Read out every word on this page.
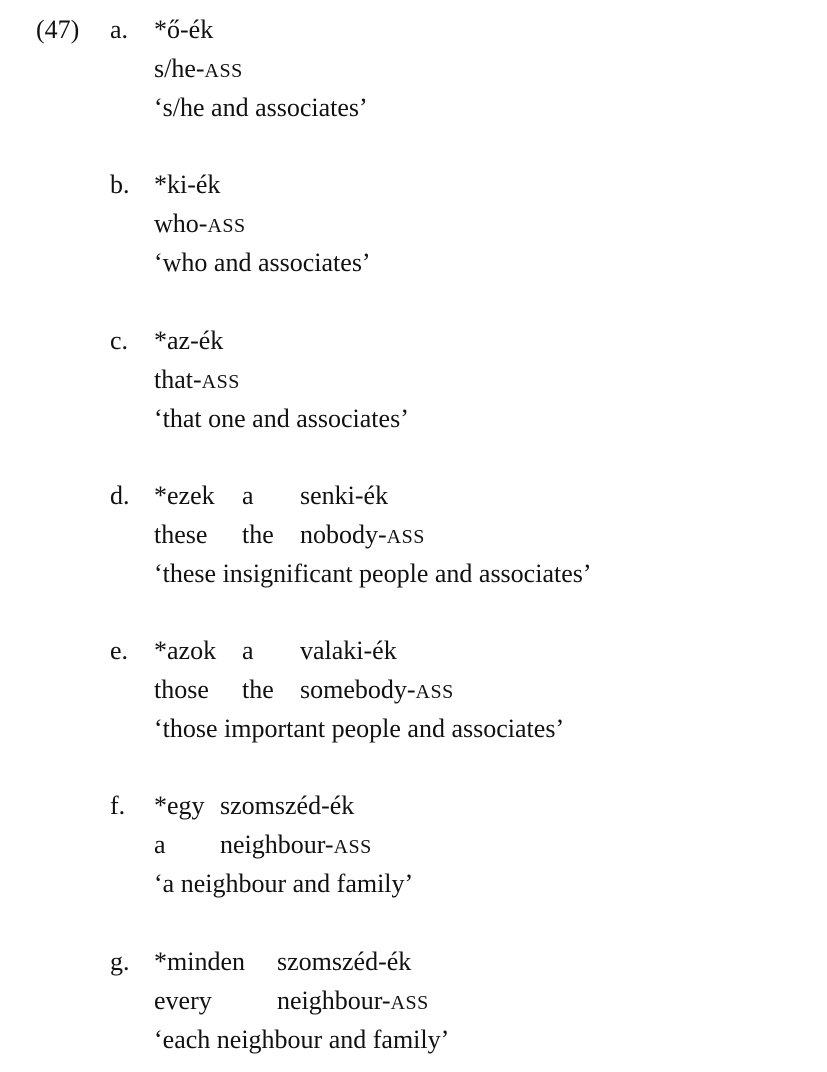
(47) a. *ő-ék
s/he-ASS
‘s/he and associates’
b. *ki-ék
who-ASS
‘who and associates’
c. *az-ék
that-ASS
‘that one and associates’
d. *ezek a senki-ék
these the nobody-ASS
‘these insignificant people and associates’
e. *azok a valaki-ék
those the somebody-ASS
‘those important people and associates’
f. *egy szomszéd-ék
a neighbour-ASS
‘a neighbour and family’
g. *minden szomszéd-ék
every	neighbour-ASS
‘each neighbour and family’
